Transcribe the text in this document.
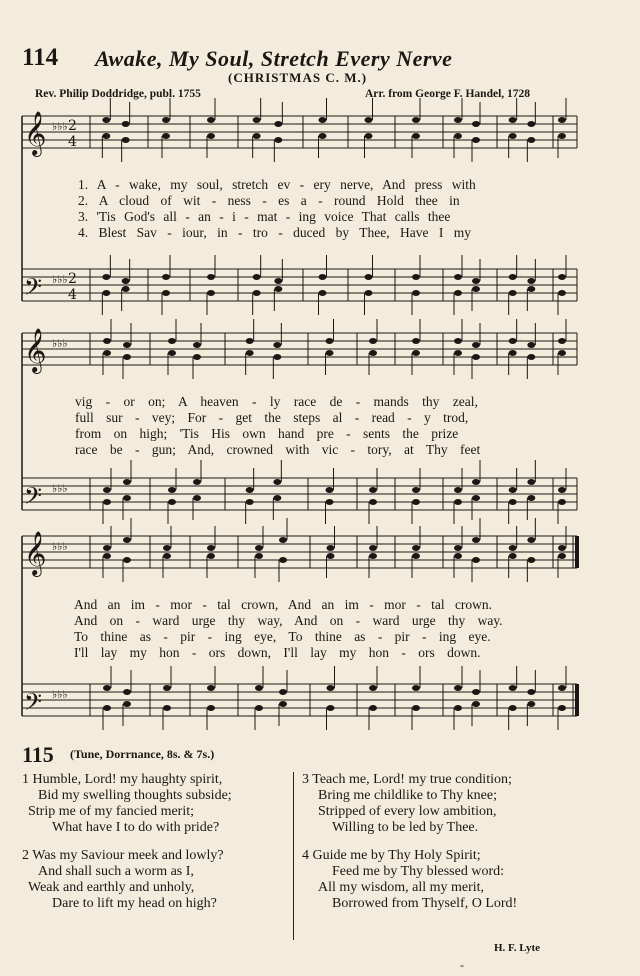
114 Awake, My Soul, Stretch Every Nerve
(CHRISTMAS C. M.)
Rev. Philip Doddridge, publ. 1755	Arr. from George F. Handel, 1728
𝄞 ♭♭♭
𝄢 ♭♭♭
𝄞 ♭♭♭
𝄢 ♭♭♭
𝄞 ♭♭♭
𝄢 ♭♭♭
2
4
2
4
1. A - wake, my soul, stretch ev - ery nerve, And press with
2. A cloud of wit - ness - es a - round Hold thee in
3. 'Tis God's all - an - i - mat - ing voice That calls thee
4. Blest Sav - iour, in - tro - duced by Thee, Have I my
vig - or on; A heaven - ly race de - mands thy zeal,
full sur - vey; For - get the steps al - read - y trod,
from on high; 'Tis His own hand pre - sents the prize
race be - gun; And, crowned with vic - tory, at Thy feet
And an im - mor - tal crown, And an im - mor - tal crown.
And on - ward urge thy way, And on - ward urge thy way.
To thine as - pir - ing eye, To thine as - pir - ing eye.
I'll lay my hon - ors down, I'll lay my hon - ors down.
115 (Tune, Dorrnance, 8s. & 7s.)
1 Humble, Lord! my haughty spirit,
Bid my swelling thoughts subside;
Strip me of my fancied merit;
What have I to do with pride?
2 Was my Saviour meek and lowly?
And shall such a worm as I,
Weak and earthly and unholy,
Dare to lift my head on high?
3 Teach me, Lord! my true condition;
Bring me childlike to Thy knee;
Stripped of every low ambition,
Willing to be led by Thee.
4 Guide me by Thy Holy Spirit;
Feed me by Thy blessed word:
All my wisdom, all my merit,
Borrowed from Thyself, O Lord!
H. F. Lyte
-
